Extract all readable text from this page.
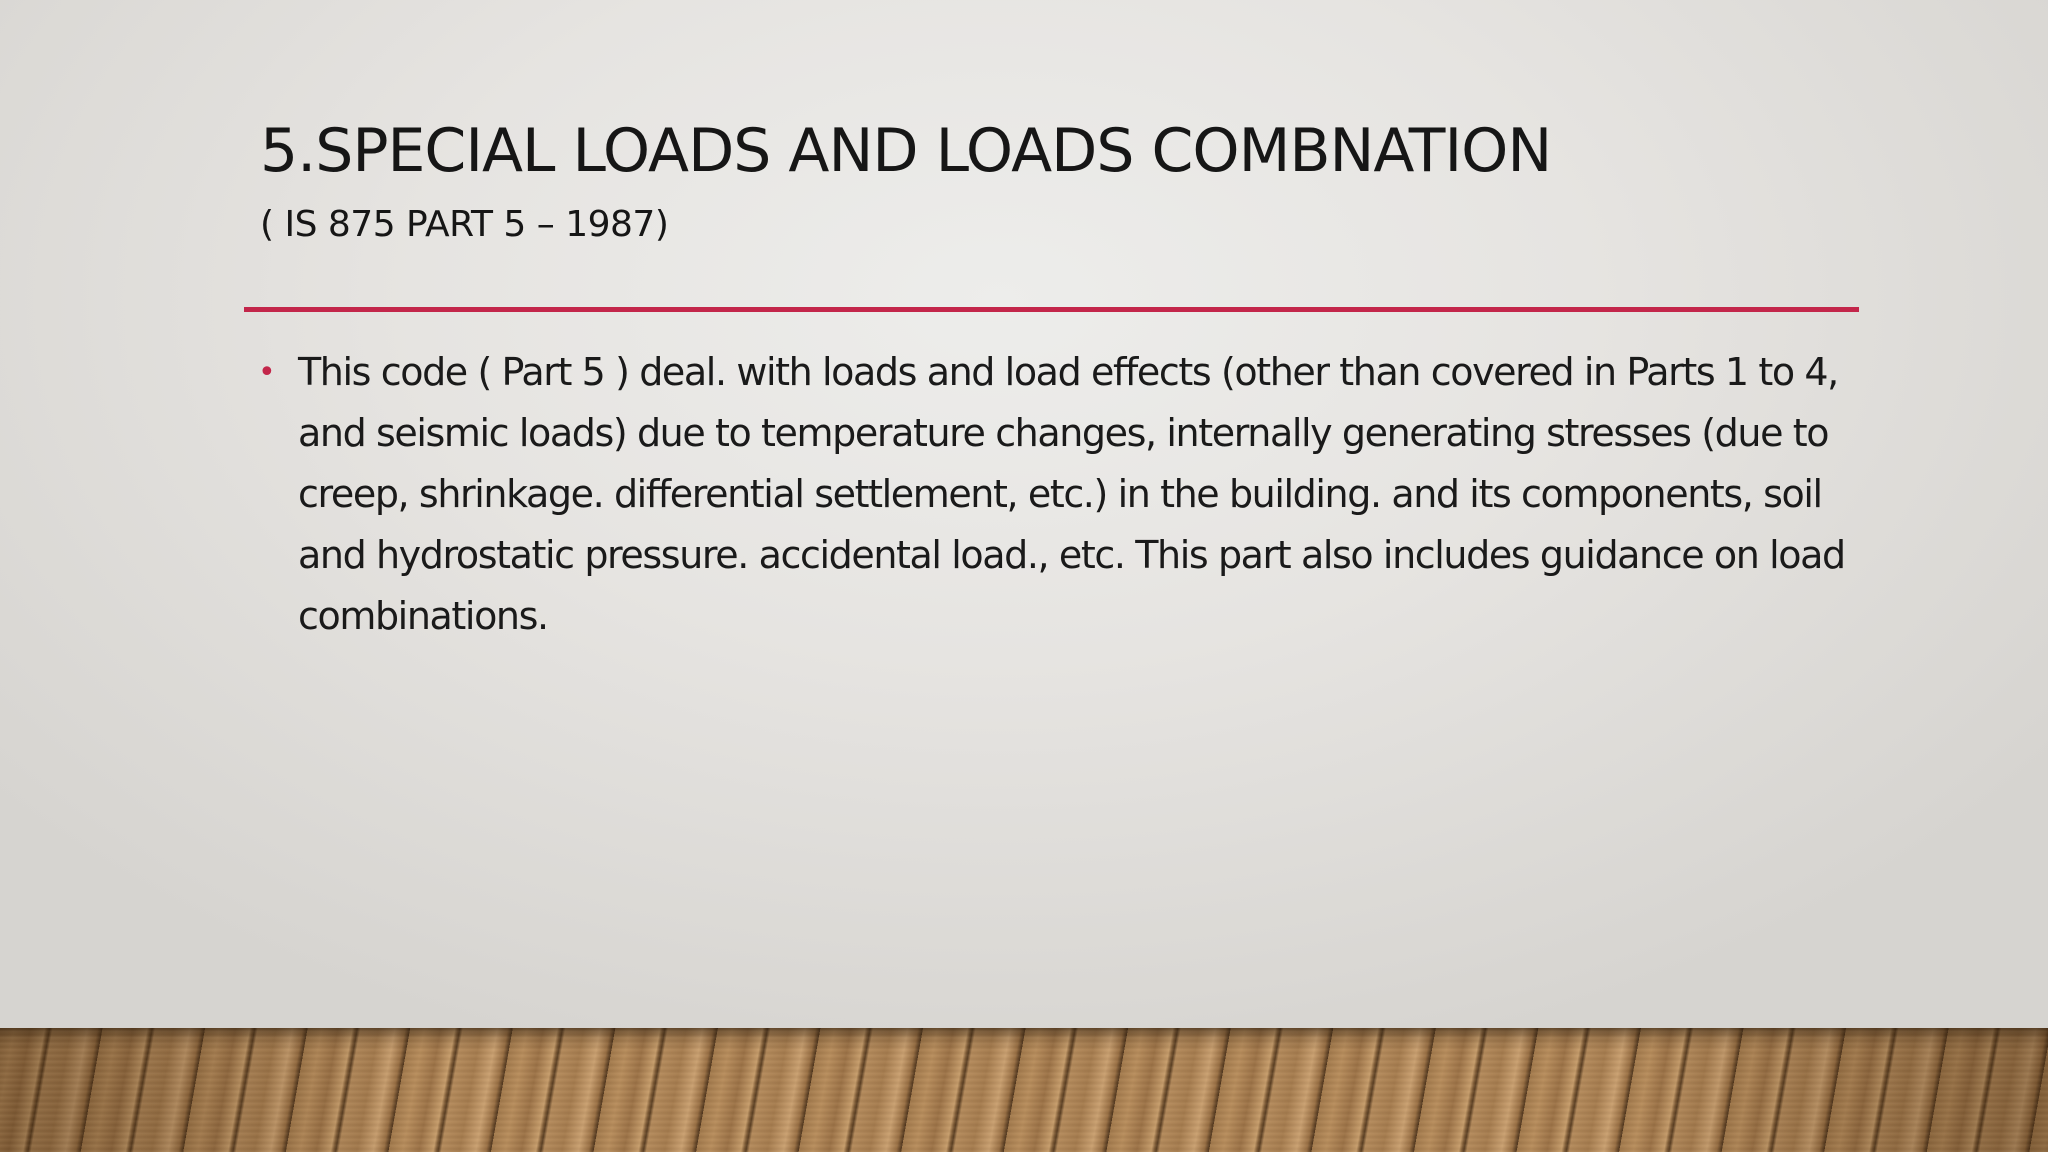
5.SPECIAL LOADS AND LOADS COMBNATION
( IS 875 PART 5 – 1987)
• This code ( Part 5 ) deal. with loads and load effects (other than covered in Parts 1 to 4, and seismic loads) due to temperature changes, internally generating stresses (due to creep, shrinkage. differential settlement, etc.) in the building. and its components, soil and hydrostatic pressure. accidental load., etc. This part also includes guidance on load combinations.
